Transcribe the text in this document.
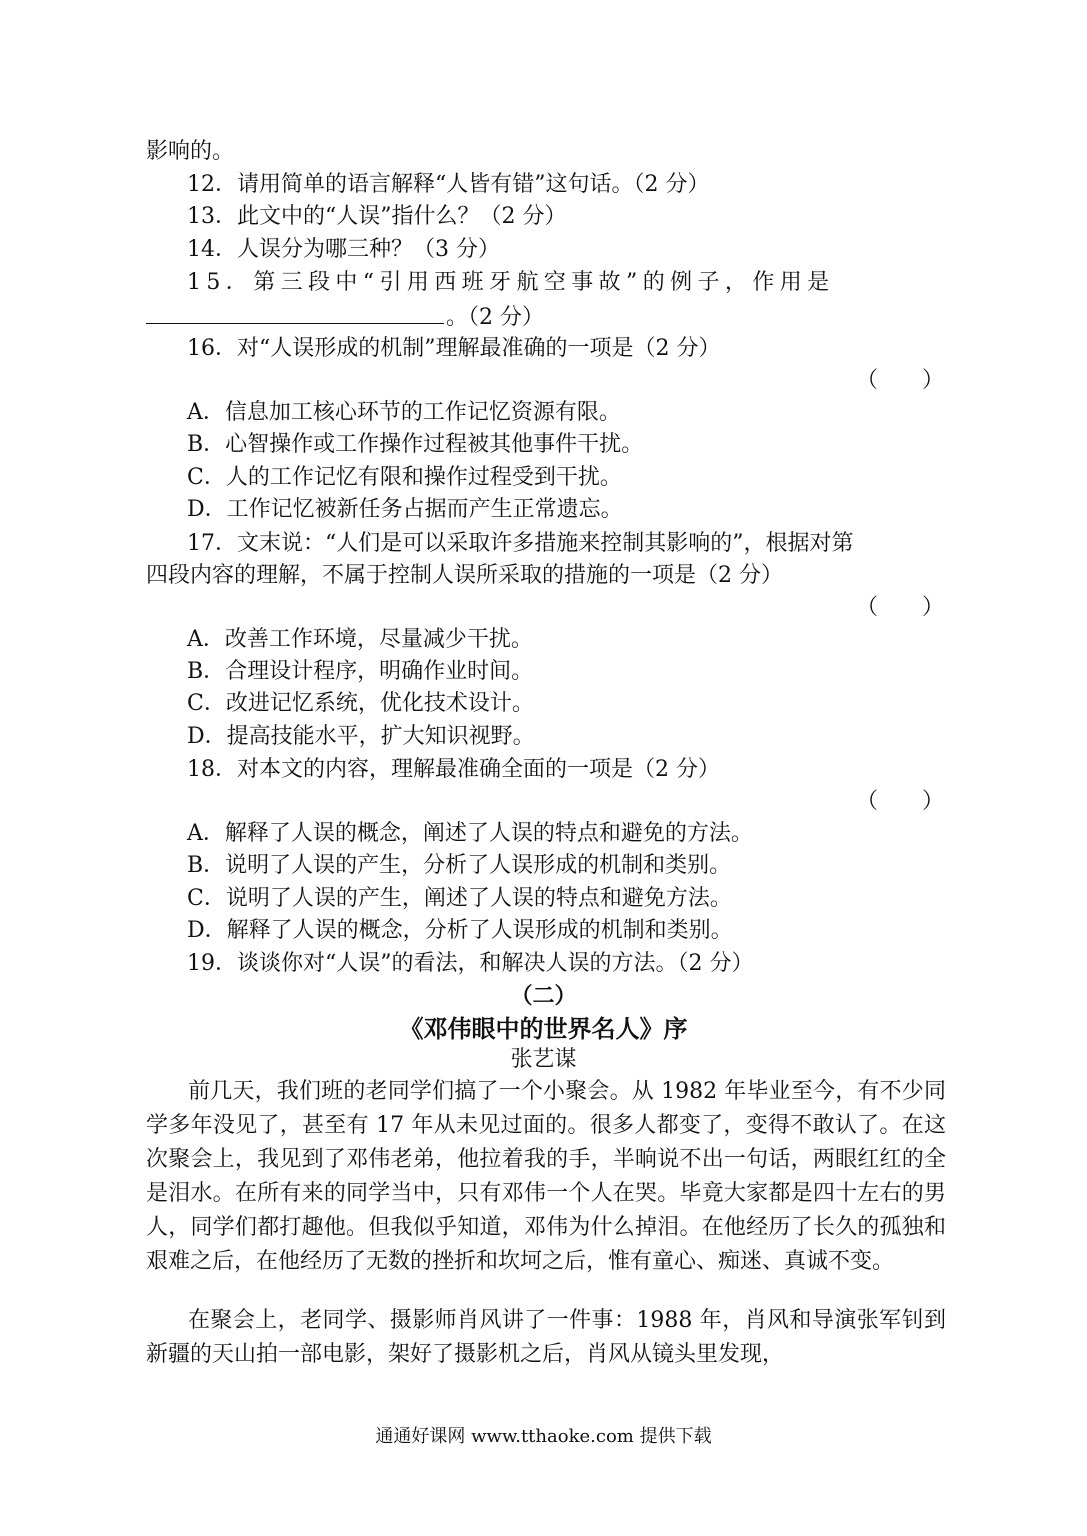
影响的。
12．请用简单的语言解释“人皆有错”这句话。（2 分）
13．此文中的“人误”指什么？（2 分）
14．人误分为哪三种？（3 分）
15．第三段中“引用西班牙航空事故”的例子，作用是
。（2 分）
16．对“人误形成的机制”理解最准确的一项是（2 分）
（　　）
A．信息加工核心环节的工作记忆资源有限。
B．心智操作或工作操作过程被其他事件干扰。
C．人的工作记忆有限和操作过程受到干扰。
D．工作记忆被新任务占据而产生正常遗忘。
17．文末说：“人们是可以采取许多措施来控制其影响的”，根据对第
四段内容的理解，不属于控制人误所采取的措施的一项是（2 分）
（　　）
A．改善工作环境，尽量减少干扰。
B．合理设计程序，明确作业时间。
C．改进记忆系统，优化技术设计。
D．提高技能水平，扩大知识视野。
18．对本文的内容，理解最准确全面的一项是（2 分）
（　　）
A．解释了人误的概念，阐述了人误的特点和避免的方法。
B．说明了人误的产生，分析了人误形成的机制和类别。
C．说明了人误的产生，阐述了人误的特点和避免方法。
D．解释了人误的概念，分析了人误形成的机制和类别。
19．谈谈你对“人误”的看法，和解决人误的方法。（2 分）
（二）
《邓伟眼中的世界名人》序
张艺谋
前几天，我们班的老同学们搞了一个小聚会。从 1982 年毕业至今，有不少同学多年没见了，甚至有 17 年从未见过面的。很多人都变了，变得不敢认了。在这次聚会上，我见到了邓伟老弟，他拉着我的手，半晌说不出一句话，两眼红红的全是泪水。在所有来的同学当中，只有邓伟一个人在哭。毕竟大家都是四十左右的男人，同学们都打趣他。但我似乎知道，邓伟为什么掉泪。在他经历了长久的孤独和艰难之后，在他经历了无数的挫折和坎坷之后，惟有童心、痴迷、真诚不变。
在聚会上，老同学、摄影师肖风讲了一件事：1988 年，肖风和导演张军钊到新疆的天山拍一部电影，架好了摄影机之后，肖风从镜头里发现，
通通好课网 www.tthaoke.com 提供下载
